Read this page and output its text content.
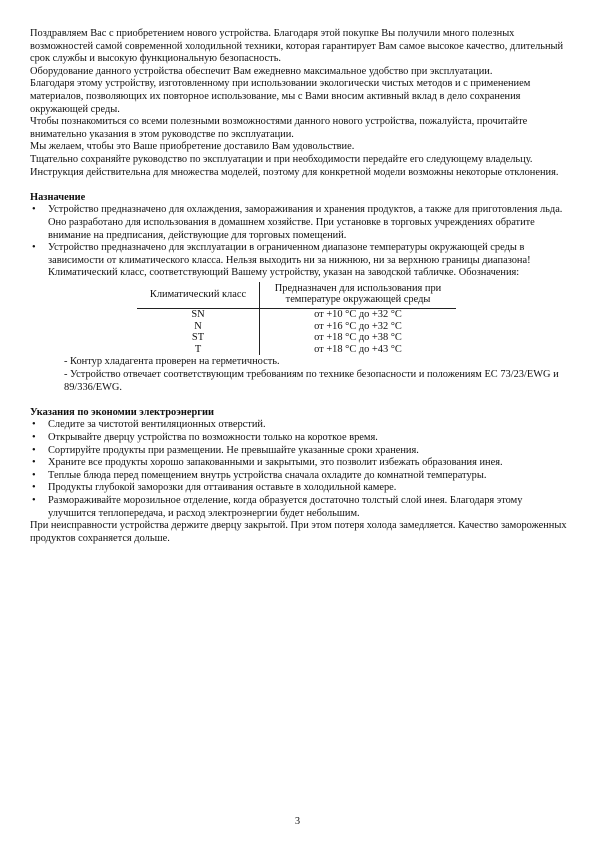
Поздравляем Вас с приобретением нового устройства. Благодаря этой покупке Вы получили много полезных возможностей самой современной холодильной техники, которая гарантирует Вам самое высокое качество, длительный срок службы и высокую функциональную безопасность.

Оборудование данного устройства обеспечит Вам ежедневно максимальное удобство при эксплуатации.

Благодаря этому устройству, изготовленному при использовании экологически чистых методов и с применением материалов, позволяющих их повторное использование, мы с Вами вносим активный вклад в дело сохранения окружающей среды.

Чтобы познакомиться со всеми полезными возможностями данного нового устройства, пожалуйста, прочитайте внимательно указания в этом руководстве по эксплуатации.

Мы желаем, чтобы это Ваше приобретение доставило Вам удовольствие.

Тщательно сохраняйте руководство по эксплуатации и при необходимости передайте его следующему владельцу.

Инструкция действительна для множества моделей, поэтому для конкретной модели возможны некоторые отклонения.

Назначение

• Устройство предназначено для охлаждения, замораживания и хранения продуктов, а также для приготовления льда. Оно разработано для использования в домашнем хозяйстве. При установке в торговых учреждениях обратите внимание на предписания, действующие для торговых помещений.
• Устройство предназначено для эксплуатации в ограниченном диапазоне температуры окружающей среды в зависимости от климатического класса. Нельзя выходить ни за нижнюю, ни за верхнюю границы диапазона! Климатический класс, соответствующий Вашему устройству, указан на заводской табличке. Обозначения:
Климатический класс	Предназначен для использования при температуре окружающей среды
SN	от +10 °C до +32 °C
N	от +16 °C до +32 °C
ST	от +18 °C до +38 °C
T	от +18 °C до +43 °C

- Контур хладагента проверен на герметичность.

- Устройство отвечает соответствующим требованиям по технике безопасности и положениям ЕС 73/23/EWG и 89/336/EWG.

Указания по экономии электроэнергии

• Следите за чистотой вентиляционных отверстий.
• Открывайте дверцу устройства по возможности только на короткое время.
• Сортируйте продукты при размещении. Не превышайте указанные сроки хранения.
• Храните все продукты хорошо запакованными и закрытыми, это позволит избежать образования инея.
• Теплые блюда перед помещением внутрь устройства сначала охладите до комнатной температуры.
• Продукты глубокой заморозки для оттаивания оставьте в холодильной камере.
• Размораживайте морозильное отделение, когда образуется достаточно толстый слой инея. Благодаря этому улучшится теплопередача, и расход электроэнергии будет небольшим.

При неисправности устройства держите дверцу закрытой. При этом потеря холода замедляется. Качество замороженных продуктов сохраняется дольше.

3
